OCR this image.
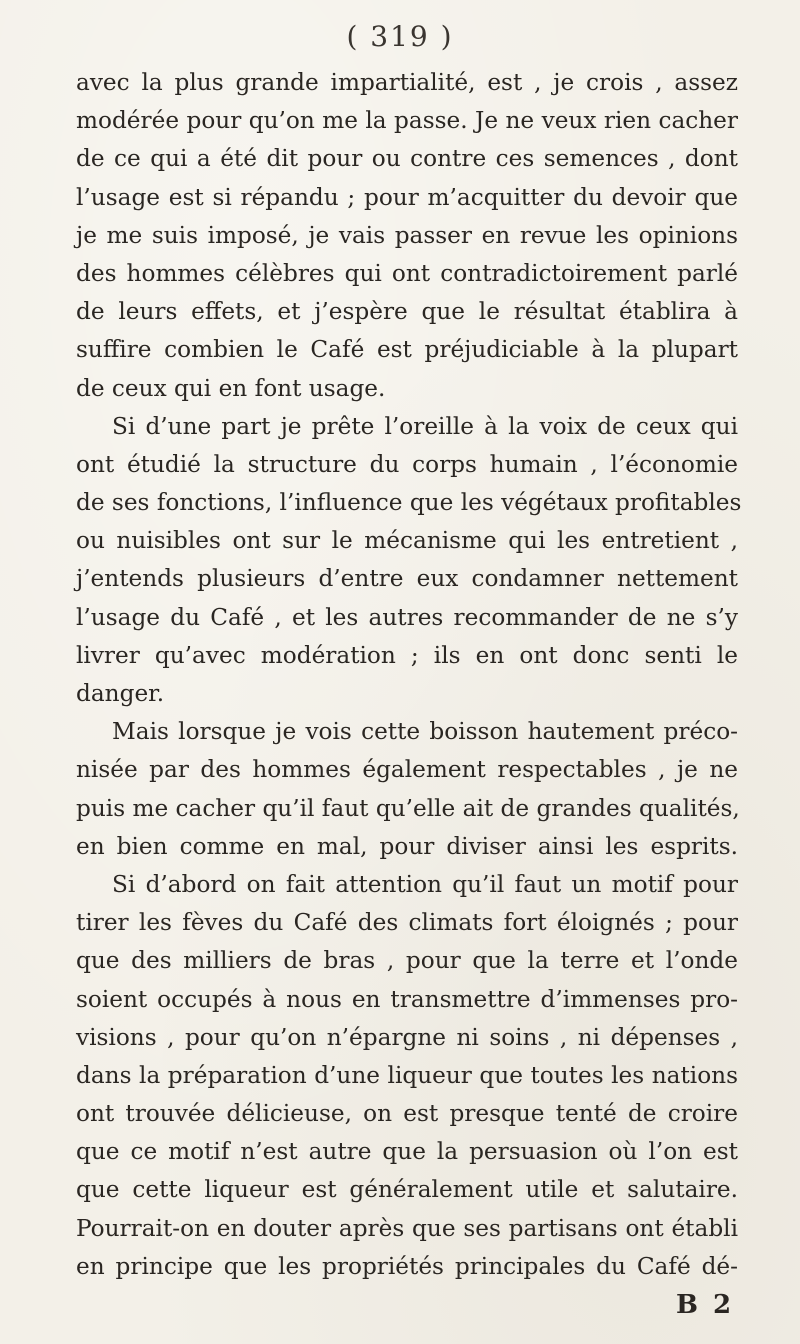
( 319 )
avec la plus grande impartialité, est , je crois , assez
modérée pour qu’on me la passe. Je ne veux rien cacher
de ce qui a été dit pour ou contre ces semences , dont
l’usage est si répandu ; pour m’acquitter du devoir que
je me suis imposé, je vais passer en revue les opinions
des hommes célèbres qui ont contradictoirement parlé
de leurs effets, et j’espère que le résultat établira à
suffire combien le Café est préjudiciable à la plupart
de ceux qui en font usage.
Si d’une part je prête l’oreille à la voix de ceux qui
ont étudié la structure du corps humain , l’économie
de ses fonctions, l’influence que les végétaux profitables
ou nuisibles ont sur le mécanisme qui les entretient ,
j’entends plusieurs d’entre eux condamner nettement
l’usage du Café , et les autres recommander de ne s’y
livrer qu’avec modération ; ils en ont donc senti le
danger.
Mais lorsque je vois cette boisson hautement préco-
nisée par des hommes également respectables , je ne
puis me cacher qu’il faut qu’elle ait de grandes qualités,
en bien comme en mal, pour diviser ainsi les esprits.
Si d’abord on fait attention qu’il faut un motif pour
tirer les fèves du Café des climats fort éloignés ; pour
que des milliers de bras , pour que la terre et l’onde
soient occupés à nous en transmettre d’immenses pro-
visions , pour qu’on n’épargne ni soins , ni dépenses ,
dans la préparation d’une liqueur que toutes les nations
ont trouvée délicieuse, on est presque tenté de croire
que ce motif n’est autre que la persuasion où l’on est
que cette liqueur est généralement utile et salutaire.
Pourrait-on en douter après que ses partisans ont établi
en principe que les propriétés principales du Café dé-
B 2
